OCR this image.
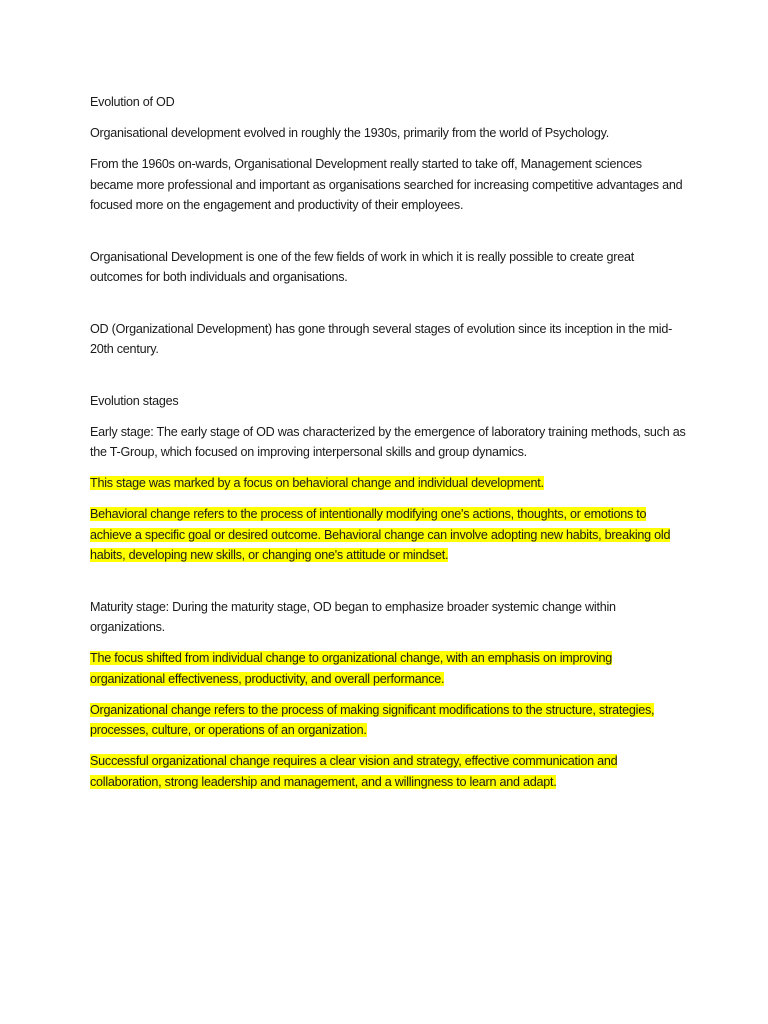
Evolution of OD

Organisational development evolved in roughly the 1930s, primarily from the world of Psychology.

From the 1960s on-wards, Organisational Development really started to take off, Management sciences became more professional and important as organisations searched for increasing competitive advantages and focused more on the engagement and productivity of their employees.

Organisational Development is one of the few fields of work in which it is really possible to create great outcomes for both individuals and organisations.

OD (Organizational Development) has gone through several stages of evolution since its inception in the mid-20th century.

Evolution stages

Early stage: The early stage of OD was characterized by the emergence of laboratory training methods, such as the T-Group, which focused on improving interpersonal skills and group dynamics.

This stage was marked by a focus on behavioral change and individual development.

Behavioral change refers to the process of intentionally modifying one's actions, thoughts, or emotions to achieve a specific goal or desired outcome. Behavioral change can involve adopting new habits, breaking old habits, developing new skills, or changing one's attitude or mindset.

Maturity stage: During the maturity stage, OD began to emphasize broader systemic change within organizations.

The focus shifted from individual change to organizational change, with an emphasis on improving organizational effectiveness, productivity, and overall performance.

Organizational change refers to the process of making significant modifications to the structure, strategies, processes, culture, or operations of an organization.

Successful organizational change requires a clear vision and strategy, effective communication and collaboration, strong leadership and management, and a willingness to learn and adapt.
